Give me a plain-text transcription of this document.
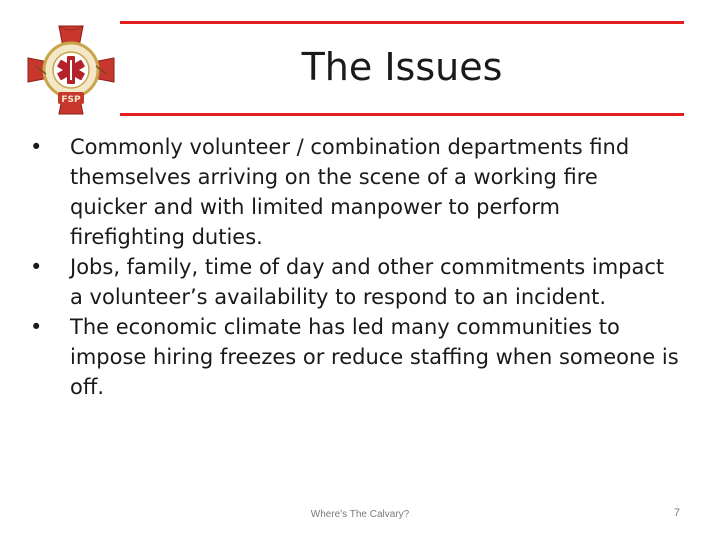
FSP
The Issues
•	Commonly volunteer / combination departments find themselves arriving on the scene of a working fire quicker and with limited manpower to perform firefighting duties.
•	Jobs, family, time of day and other commitments impact a volunteer’s availability to respond to an incident.
•	The economic climate has led many communities to impose hiring freezes or reduce staffing when someone is off.
Where's The Calvary?	7
